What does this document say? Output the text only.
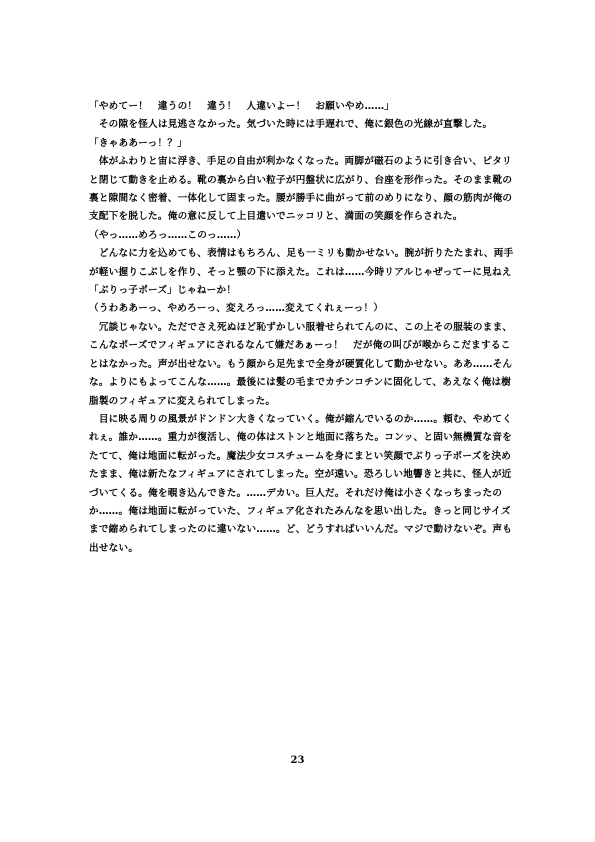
「やめてー！　違うの！　違う！　人違いよー！　お願いやめ……」

その隙を怪人は見逃さなかった。気づいた時には手遅れで、俺に銀色の光線が直撃した。

「きゃああーっ！？」

体がふわりと宙に浮き、手足の自由が利かなくなった。両脚が磁石のように引き合い、ピタリと閉じて動きを止める。靴の裏から白い粒子が円盤状に広がり、台座を形作った。そのまま靴の裏と隙間なく密着、一体化して固まった。腰が勝手に曲がって前のめりになり、顔の筋肉が俺の支配下を脱した。俺の意に反して上目遣いでニッコリと、満面の笑顔を作らされた。

（やっ……めろっ……このっ……）

どんなに力を込めても、表情はもちろん、足も一ミリも動かせない。腕が折りたたまれ、両手が軽い握りこぶしを作り、そっと顎の下に添えた。これは……今時リアルじゃぜってーに見ねえ「ぶりっ子ポーズ」じゃねーか！

（うわああーっ、やめろーっ、変えろっ……変えてくれぇーっ！）

冗談じゃない。ただでさえ死ぬほど恥ずかしい服着せられてんのに、この上その服装のまま、こんなポーズでフィギュアにされるなんて嫌だあぁーっ！　だが俺の叫びが喉からこだますることはなかった。声が出せない。もう顔から足先まで全身が硬質化して動かせない。ああ……そんな。よりにもよってこんな……。最後には髪の毛までカチンコチンに固化して、あえなく俺は樹脂製のフィギュアに変えられてしまった。

目に映る周りの風景がドンドン大きくなっていく。俺が縮んでいるのか……。頼む、やめてくれぇ。誰か……。重力が復活し、俺の体はストンと地面に落ちた。コンッ、と固い無機質な音をたてて、俺は地面に転がった。魔法少女コスチュームを身にまとい笑顔でぶりっ子ポーズを決めたまま、俺は新たなフィギュアにされてしまった。空が遠い。恐ろしい地響きと共に、怪人が近づいてくる。俺を覗き込んできた。……デカい。巨人だ。それだけ俺は小さくなっちまったのか……。俺は地面に転がっていた、フィギュア化されたみんなを思い出した。きっと同じサイズまで縮められてしまったのに違いない……。ど、どうすればいいんだ。マジで動けないぞ。声も出せない。

23
